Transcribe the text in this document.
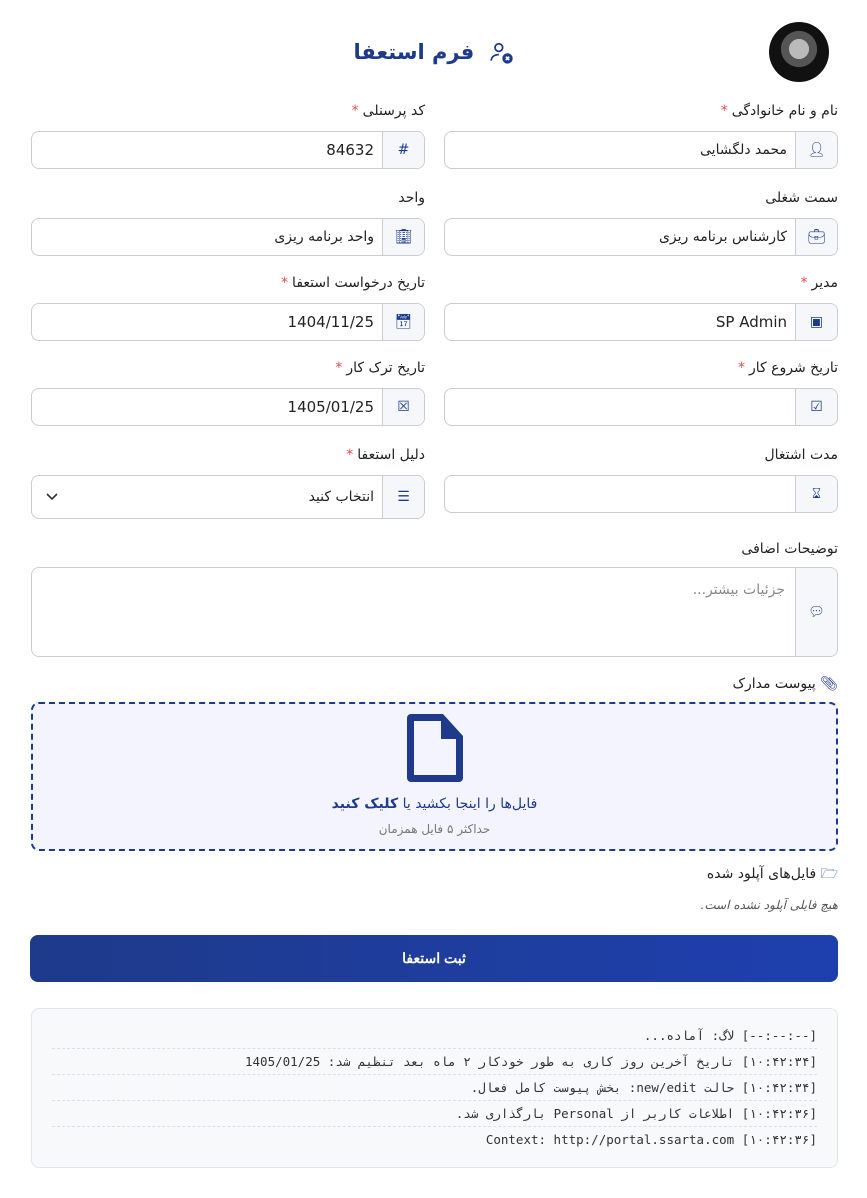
فرم استعفا
نام و نام خانوادگی*
👤︎
محمد دلگشایی
کد پرسنلی*
#
84632
سمت شغلی
💼︎
کارشناس برنامه ریزی
واحد
🏢︎
واحد برنامه ریزی
مدیر*
▣
SP Admin
تاریخ درخواست استعفا*
📅︎
1404/11/25
تاریخ شروع کار*
☑
تاریخ ترک کار*
☒
1405/01/25
مدت اشتغال
⌛︎
دلیل استعفا*
☰
انتخاب کنید
توضیحات اضافی
💬︎
جزئیات بیشتر...
📎︎ پیوست مدارک
فایل‌ها را اینجا بکشید یا کلیک کنید
حداکثر ۵ فایل همزمان
🗁︎ فایل‌های آپلود شده
هیچ فایلی آپلود نشده است.
ثبت استعفا
[--:--:--] لاگ: آماده...
[۱۰:۴۲:۳۴] تاریخ آخرین روز کاری به طور خودکار ۲ ماه بعد تنظیم شد: 1405/01/25
[۱۰:۴۲:۳۴] حالت new/edit: بخش پیوست کامل فعال.
[۱۰:۴۲:۳۶] اطلاعات کاربر از Personal بارگذاری شد.
[۱۰:۴۲:۳۶] Context: http://portal.ssarta.com
